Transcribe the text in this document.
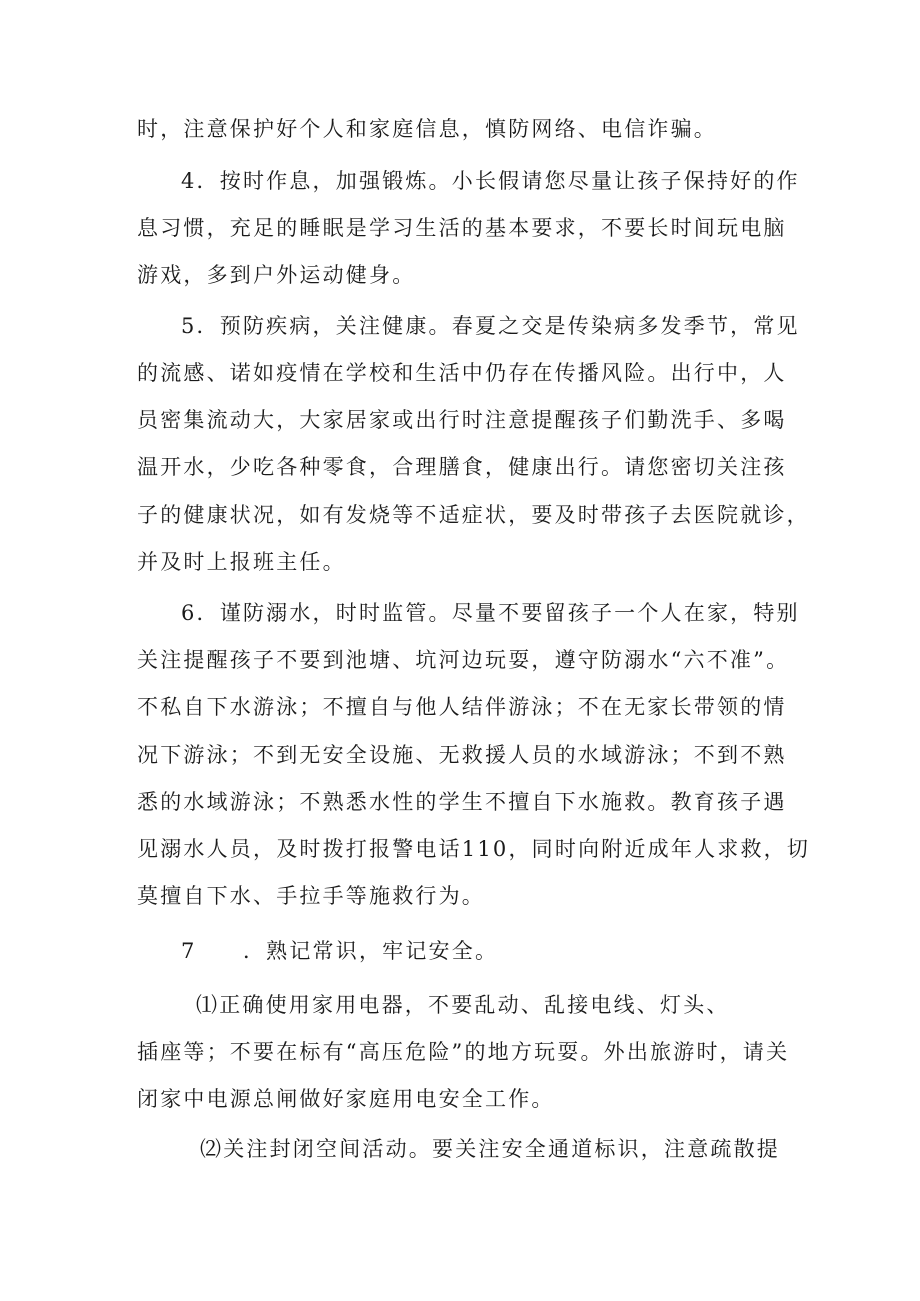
时，注意保护好个人和家庭信息，慎防网络、电信诈骗。
4．按时作息，加强锻炼。小长假请您尽量让孩子保持好的作
息习惯，充足的睡眠是学习生活的基本要求，不要长时间玩电脑
游戏，多到户外运动健身。
5．预防疾病，关注健康。春夏之交是传染病多发季节，常见
的流感、诺如疫情在学校和生活中仍存在传播风险。出行中，人
员密集流动大，大家居家或出行时注意提醒孩子们勤洗手、多喝
温开水，少吃各种零食，合理膳食，健康出行。请您密切关注孩
子的健康状况，如有发烧等不适症状，要及时带孩子去医院就诊，
并及时上报班主任。
6．谨防溺水，时时监管。尽量不要留孩子一个人在家，特别
关注提醒孩子不要到池塘、坑河边玩耍，遵守防溺水“六不准”。
不私自下水游泳；不擅自与他人结伴游泳；不在无家长带领的情
况下游泳；不到无安全设施、无救援人员的水域游泳；不到不熟
悉的水域游泳；不熟悉水性的学生不擅自下水施救。教育孩子遇
见溺水人员，及时拨打报警电话110，同时向附近成年人求救，切
莫擅自下水、手拉手等施救行为。
7　　．熟记常识，牢记安全。
⑴正确使用家用电器，不要乱动、乱接电线、灯头、
插座等；不要在标有“高压危险”的地方玩耍。外出旅游时，请关
闭家中电源总闸做好家庭用电安全工作。
⑵关注封闭空间活动。要关注安全通道标识，注意疏散提
